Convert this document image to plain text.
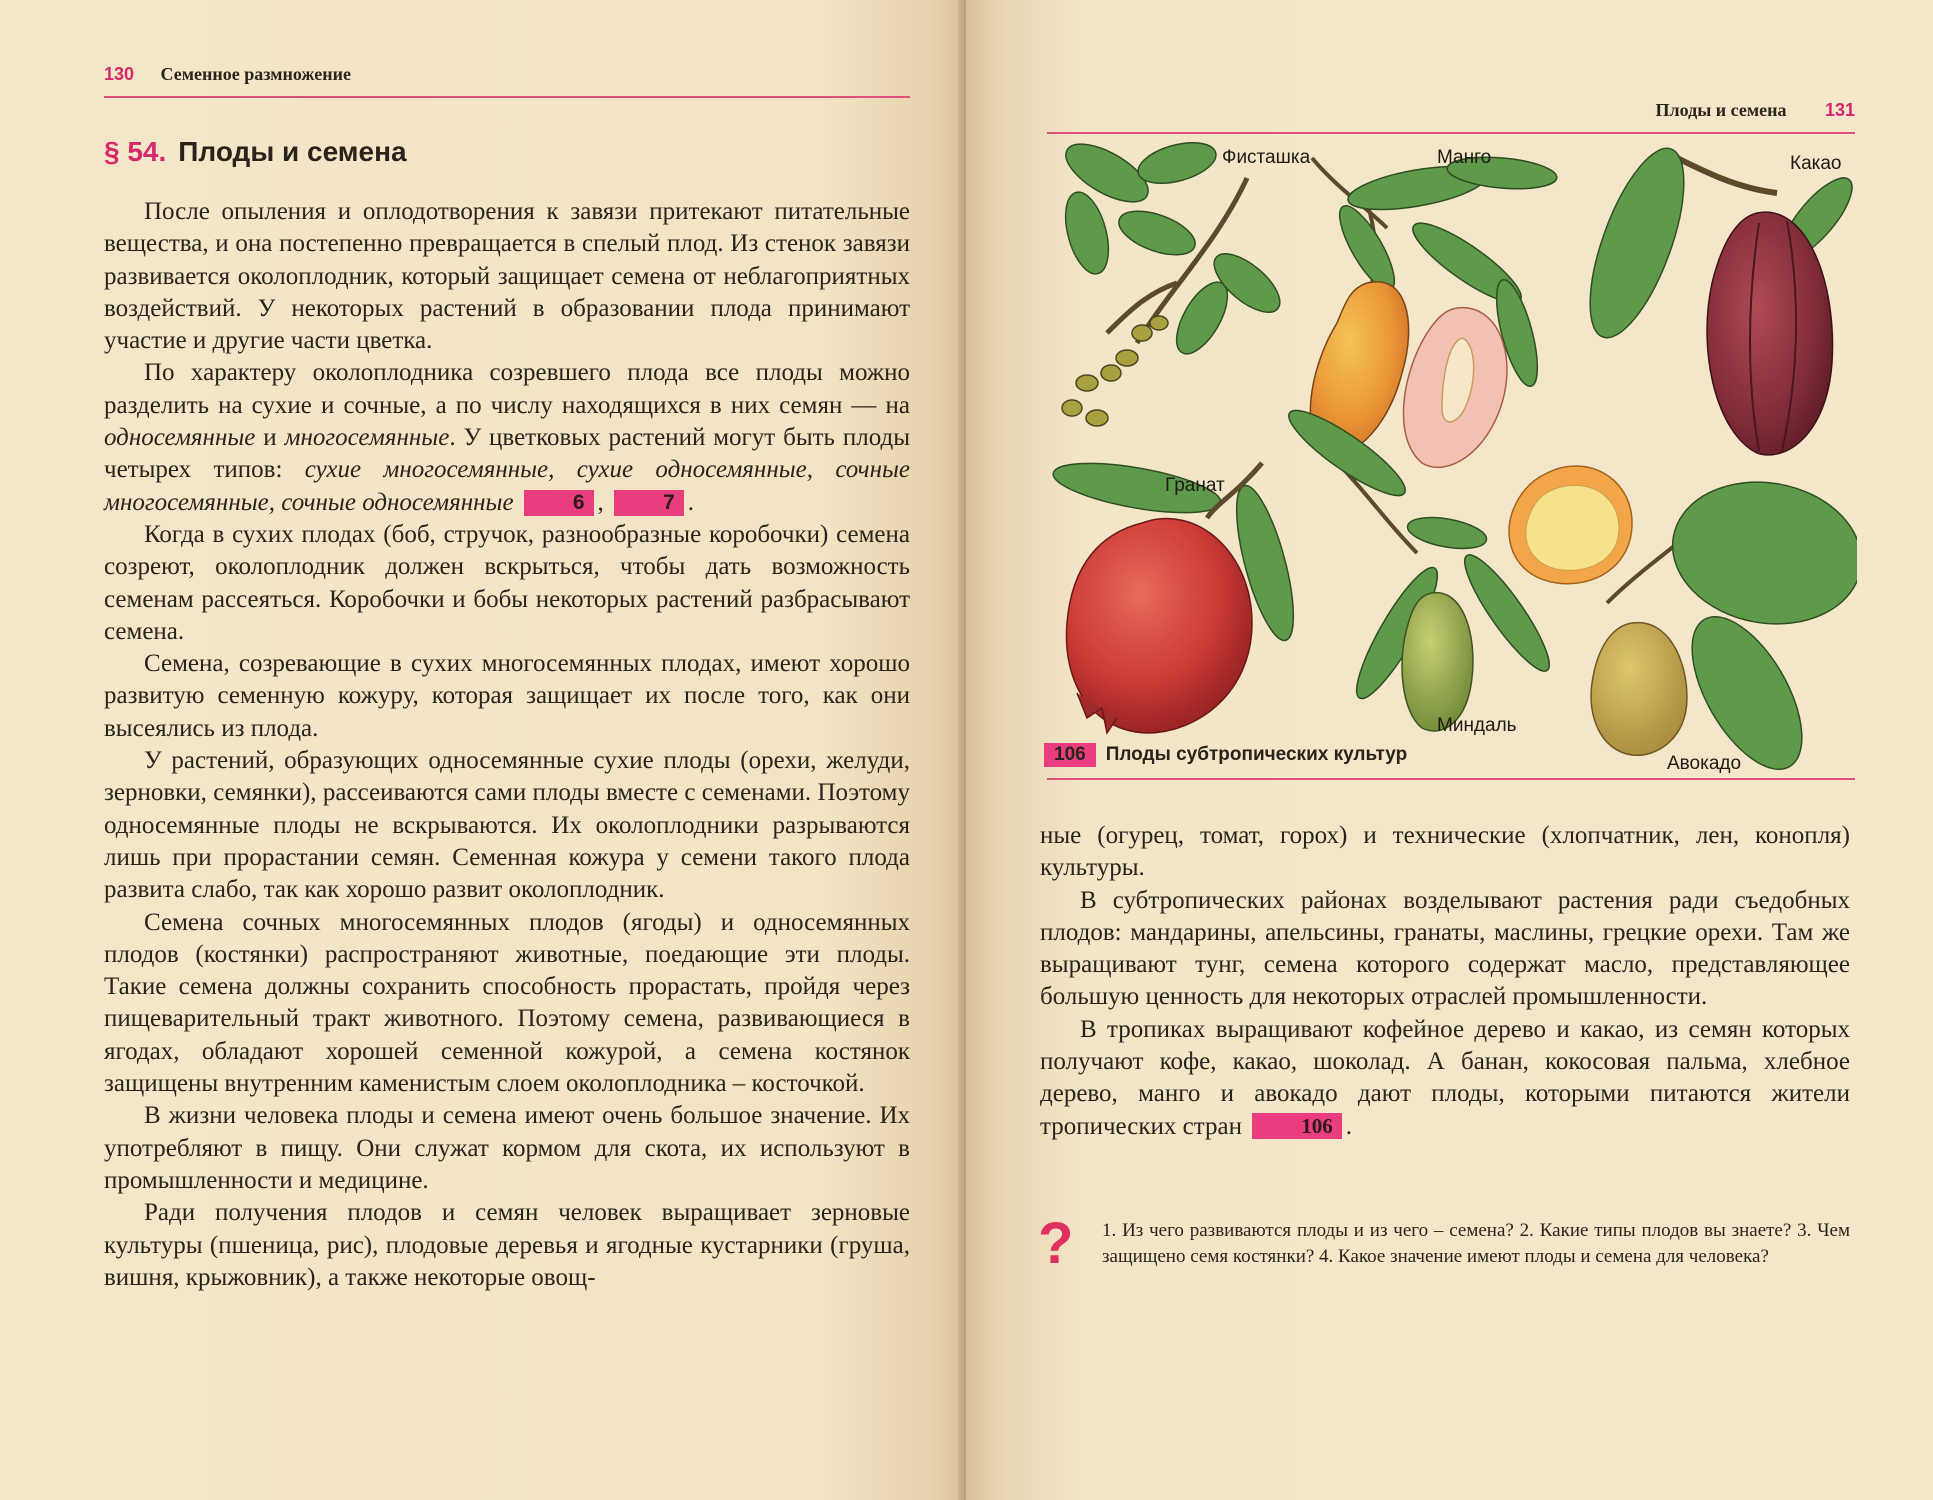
130 Семенное размножение
§ 54. Плоды и семена

После опыления и оплодотворения к завязи притекают питательные вещества, и она постепенно превращается в спелый плод. Из стенок завязи развивается околоплодник, который защищает семена от неблагоприятных воздействий. У некоторых растений в образовании плода принимают участие и другие части цветка.

По характеру околоплодника созревшего плода все плоды можно разделить на сухие и сочные, а по числу находящихся в них семян — на односемянные и многосемянные. У цветковых растений могут быть плоды четырех типов: сухие многосемянные, сухие односемянные, сочные многосемянные, сочные односемянные	6 ,	7 .

Когда в сухих плодах (боб, стручок, разнообразные коробочки) семена созреют, околоплодник должен вскрыться, чтобы дать возможность семенам рассеяться. Коробочки и бобы некоторых растений разбрасывают семена.

Семена, созревающие в сухих многосемянных плодах, имеют хорошо развитую семенную кожуру, которая защищает их после того, как они высеялись из плода.

У растений, образующих односемянные сухие плоды (орехи, желуди, зерновки, семянки), рассеиваются сами плоды вместе с семенами. Поэтому односемянные плоды не вскрываются. Их околоплодники разрываются лишь при прорастании семян. Семенная кожура у семени такого плода развита слабо, так как хорошо развит околоплодник.

Семена сочных многосемянных плодов (ягоды) и односемянных плодов (костянки) распространяют животные, поедающие эти плоды. Такие семена должны сохранить способность прорастать, пройдя через пищеварительный тракт животного. Поэтому семена, развивающиеся в ягодах, обладают хорошей семенной кожурой, а семена костянок защищены внутренним каменистым слоем околоплодника – косточкой.

В жизни человека плоды и семена имеют очень большое значение. Их употребляют в пищу. Они служат кормом для скота, их используют в промышленности и медицине.

Ради получения плодов и семян человек выращивает зерновые культуры (пшеница, рис), плодовые деревья и ягодные кустарники (груша, вишня, крыжовник), а также некоторые овощ-

Плоды и семена 131
Фисташка	Манго	Какао
Гранат
Миндаль
Авокадо
106	Плоды субтропических культур

ные (огурец, томат, горох) и технические (хлопчатник, лен, конопля) культуры.

В субтропических районах возделывают растения ради съедобных плодов: мандарины, апельсины, гранаты, маслины, грецкие орехи. Там же выращивают тунг, семена которого содержат масло, представляющее большую ценность для некоторых отраслей промышленности.

В тропиках выращивают кофейное дерево и какао, из семян которых получают кофе, какао, шоколад. А банан, кокосовая пальма, хлебное дерево, манго и авокадо дают плоды, которыми питаются жители тропических стран	106 .

? 1. Из чего развиваются плоды и из чего – семена? 2. Какие типы плодов вы знаете? 3. Чем защищено семя костянки? 4. Какое значение имеют плоды и семена для человека?
